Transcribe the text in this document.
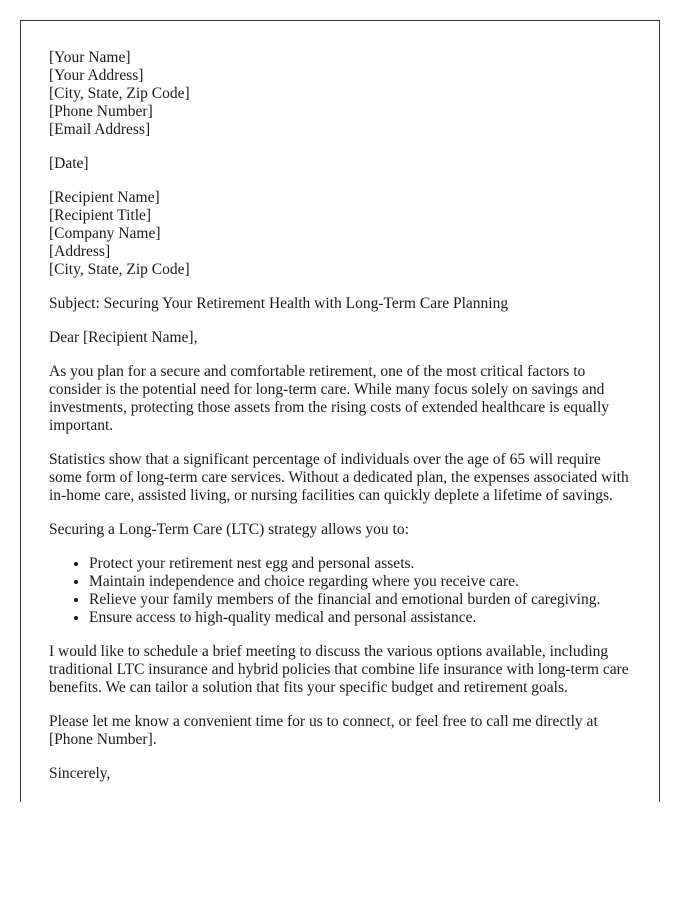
[Your Name]
[Your Address]
[City, State, Zip Code]
[Phone Number]
[Email Address]
[Date]
[Recipient Name]
[Recipient Title]
[Company Name]
[Address]
[City, State, Zip Code]

Subject: Securing Your Retirement Health with Long-Term Care Planning

Dear [Recipient Name],

As you plan for a secure and comfortable retirement, one of the most critical factors to consider is the potential need for long-term care. While many focus solely on savings and investments, protecting those assets from the rising costs of extended healthcare is equally important.

Statistics show that a significant percentage of individuals over the age of 65 will require some form of long-term care services. Without a dedicated plan, the expenses associated with in-home care, assisted living, or nursing facilities can quickly deplete a lifetime of savings.

Securing a Long-Term Care (LTC) strategy allows you to:

• Protect your retirement nest egg and personal assets.
• Maintain independence and choice regarding where you receive care.
• Relieve your family members of the financial and emotional burden of caregiving.
• Ensure access to high-quality medical and personal assistance.

I would like to schedule a brief meeting to discuss the various options available, including traditional LTC insurance and hybrid policies that combine life insurance with long-term care benefits. We can tailor a solution that fits your specific budget and retirement goals.

Please let me know a convenient time for us to connect, or feel free to call me directly at [Phone Number].

Sincerely,
